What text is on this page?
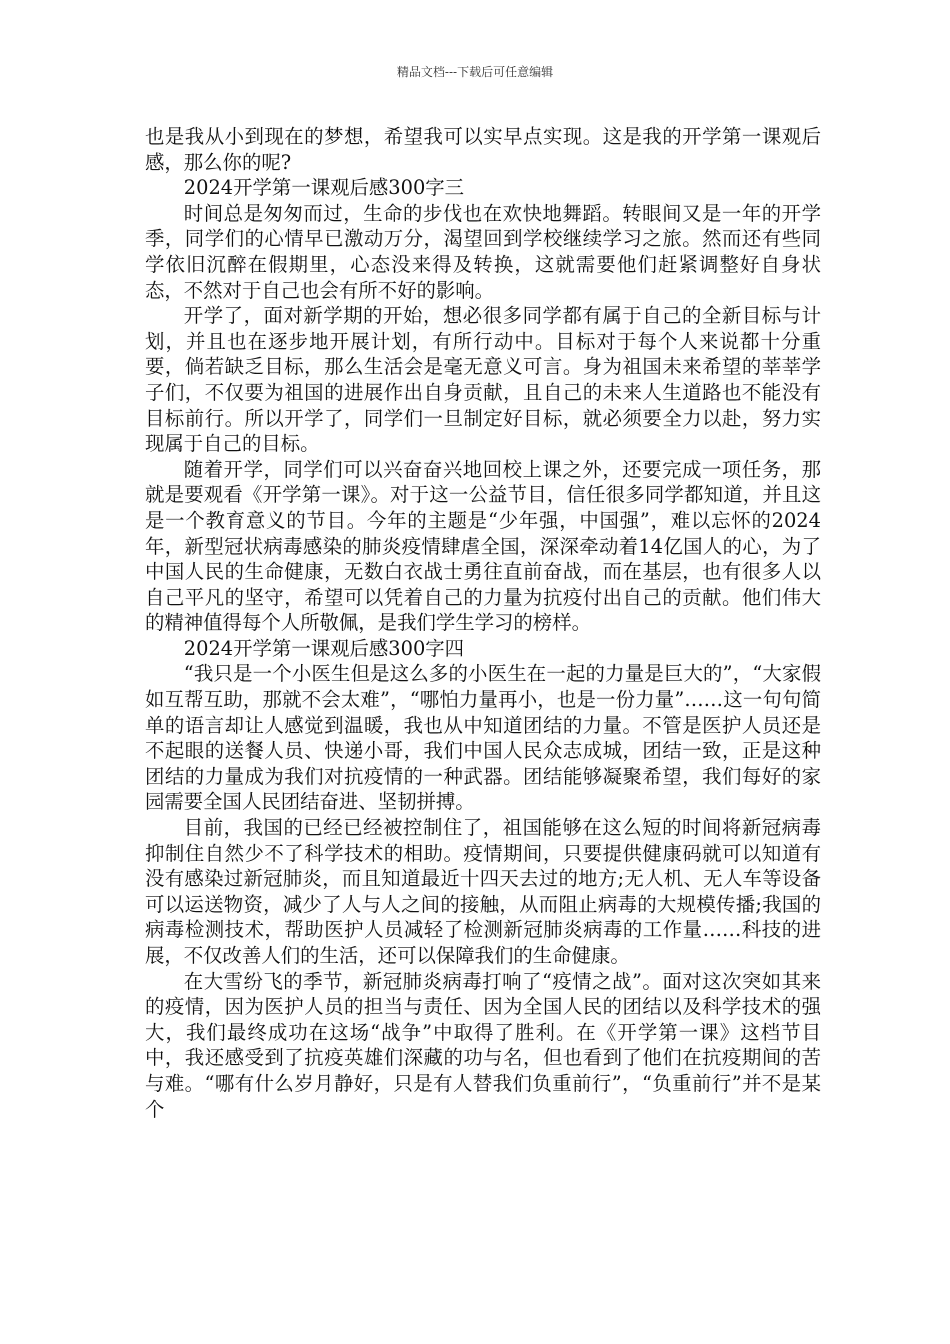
精品文档---下载后可任意编辑

也是我从小到现在的梦想，希望我可以实早点实现。这是我的开学第一课观后感，那么你的呢?

2024开学第一课观后感300字三

时间总是匆匆而过，生命的步伐也在欢快地舞蹈。转眼间又是一年的开学季，同学们的心情早已激动万分，渴望回到学校继续学习之旅。然而还有些同学依旧沉醉在假期里，心态没来得及转换，这就需要他们赶紧调整好自身状态，不然对于自己也会有所不好的影响。

开学了，面对新学期的开始，想必很多同学都有属于自己的全新目标与计划，并且也在逐步地开展计划，有所行动中。目标对于每个人来说都十分重要，倘若缺乏目标，那么生活会是毫无意义可言。身为祖国未来希望的莘莘学子们，不仅要为祖国的进展作出自身贡献，且自己的未来人生道路也不能没有目标前行。所以开学了，同学们一旦制定好目标，就必须要全力以赴，努力实现属于自己的目标。

随着开学，同学们可以兴奋奋兴地回校上课之外，还要完成一项任务，那就是要观看《开学第一课》。对于这一公益节目，信任很多同学都知道，并且这是一个教育意义的节目。今年的主题是“少年强，中国强”，难以忘怀的2024年，新型冠状病毒感染的肺炎疫情肆虐全国，深深牵动着14亿国人的心，为了中国人民的生命健康，无数白衣战士勇往直前奋战，而在基层，也有很多人以自己平凡的坚守，希望可以凭着自己的力量为抗疫付出自己的贡献。他们伟大的精神值得每个人所敬佩，是我们学生学习的榜样。

2024开学第一课观后感300字四

“我只是一个小医生但是这么多的小医生在一起的力量是巨大的”，“大家假如互帮互助，那就不会太难”，“哪怕力量再小，也是一份力量”……这一句句简单的语言却让人感觉到温暖，我也从中知道团结的力量。不管是医护人员还是不起眼的送餐人员、快递小哥，我们中国人民众志成城，团结一致，正是这种团结的力量成为我们对抗疫情的一种武器。团结能够凝聚希望，我们每好的家园需要全国人民团结奋进、坚韧拼搏。

目前，我国的已经已经被控制住了，祖国能够在这么短的时间将新冠病毒抑制住自然少不了科学技术的相助。疫情期间，只要提供健康码就可以知道有没有感染过新冠肺炎，而且知道最近十四天去过的地方;无人机、无人车等设备可以运送物资，减少了人与人之间的接触，从而阻止病毒的大规模传播;我国的病毒检测技术，帮助医护人员减轻了检测新冠肺炎病毒的工作量……科技的进展，不仅改善人们的生活，还可以保障我们的生命健康。

在大雪纷飞的季节，新冠肺炎病毒打响了“疫情之战”。面对这次突如其来的疫情，因为医护人员的担当与责任、因为全国人民的团结以及科学技术的强大，我们最终成功在这场“战争”中取得了胜利。在《开学第一课》这档节目中，我还感受到了抗疫英雄们深藏的功与名，但也看到了他们在抗疫期间的苦与难。“哪有什么岁月静好，只是有人替我们负重前行”，“负重前行”并不是某个
